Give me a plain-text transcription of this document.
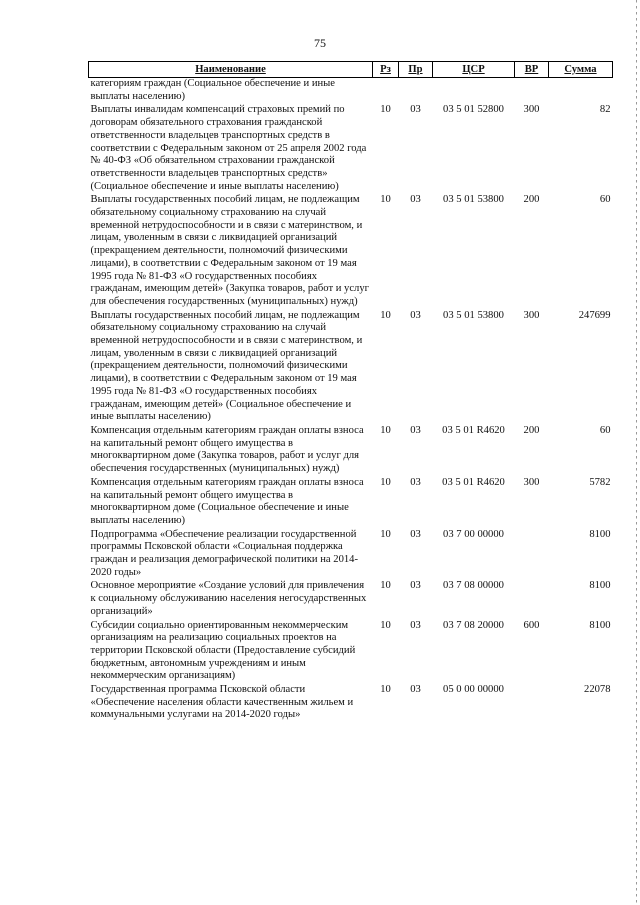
75
Наименование	Рз	Пр	ЦСР	ВР	Сумма
категориям граждан (Социальное обеспечение и иные выплаты населению)					
Выплаты инвалидам компенсаций страховых премий по договорам обязательного страхования гражданской ответственности владельцев транспортных средств в соответствии с Федеральным законом от 25 апреля 2002 года № 40-ФЗ «Об обязательном страховании гражданской ответственности владельцев транспортных средств» (Социальное обеспечение и иные выплаты населению)	10	03	03 5 01 52800	300	82
Выплаты государственных пособий лицам, не подлежащим обязательному социальному страхованию на случай временной нетрудоспособности и в связи с материнством, и лицам, уволенным в связи с ликвидацией организаций (прекращением деятельности, полномочий физическими лицами), в соответствии с Федеральным законом от 19 мая 1995 года № 81-ФЗ «О государственных пособиях гражданам, имеющим детей» (Закупка товаров, работ и услуг для обеспечения государственных (муниципальных) нужд)	10	03	03 5 01 53800	200	60
Выплаты государственных пособий лицам, не подлежащим обязательному социальному страхованию на случай временной нетрудоспособности и в связи с материнством, и лицам, уволенным в связи с ликвидацией организаций (прекращением деятельности, полномочий физическими лицами), в соответствии с Федеральным законом от 19 мая 1995 года № 81-ФЗ «О государственных пособиях гражданам, имеющим детей» (Социальное обеспечение и иные выплаты населению)	10	03	03 5 01 53800	300	247699
Компенсация отдельным категориям граждан оплаты взноса на капитальный ремонт общего имущества в многоквартирном доме (Закупка товаров, работ и услуг для обеспечения государственных (муниципальных) нужд)	10	03	03 5 01 R4620	200	60
Компенсация отдельным категориям граждан оплаты взноса на капитальный ремонт общего имущества в многоквартирном доме (Социальное обеспечение и иные выплаты населению)	10	03	03 5 01 R4620	300	5782
Подпрограмма «Обеспечение реализации государственной программы Псковской области «Социальная поддержка граждан и реализация демографической политики на 2014-2020 годы»	10	03	03 7 00 00000		8100
Основное мероприятие «Создание условий для привлечения к социальному обслуживанию населения негосударственных организаций»	10	03	03 7 08 00000		8100
Субсидии социально ориентированным некоммерческим организациям на реализацию социальных проектов на территории Псковской области (Предоставление субсидий бюджетным, автономным учреждениям и иным некоммерческим организациям)	10	03	03 7 08 20000	600	8100
Государственная программа Псковской области «Обеспечение населения области качественным жильем и коммунальными услугами на 2014-2020 годы»	10	03	05 0 00 00000		22078
